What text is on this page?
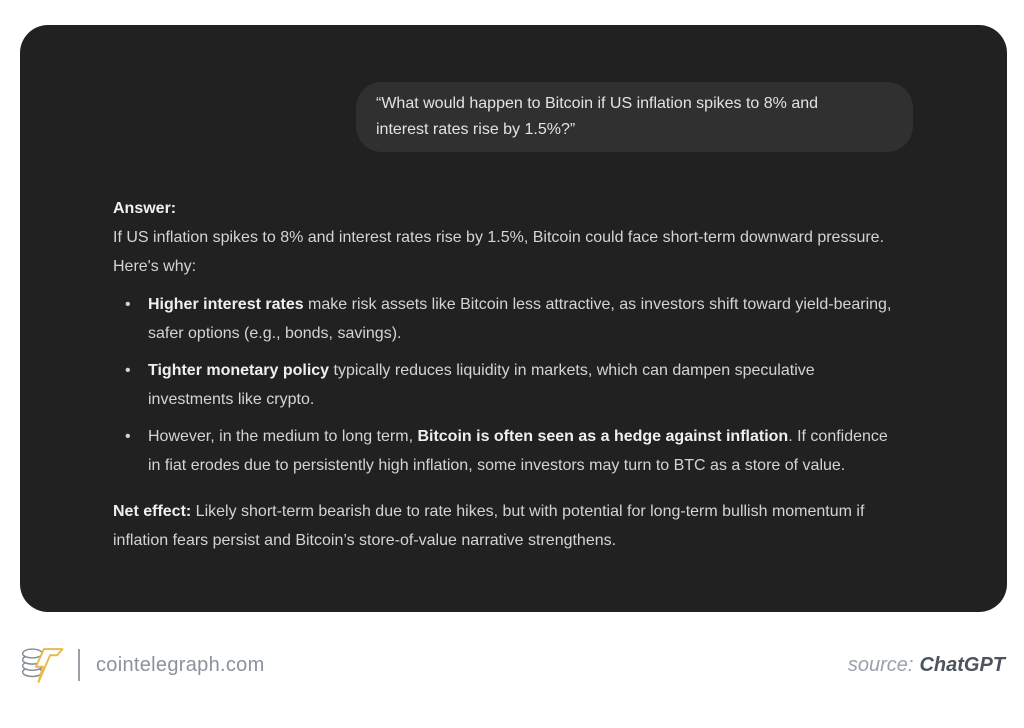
“What would happen to Bitcoin if US inflation spikes to 8% and
interest rates rise by 1.5%?”
Answer:
If US inflation spikes to 8% and interest rates rise by 1.5%, Bitcoin could face short-term downward pressure.
Here's why:
• Higher interest rates make risk assets like Bitcoin less attractive, as investors shift toward yield-bearing,
safer options (e.g., bonds, savings).
• Tighter monetary policy typically reduces liquidity in markets, which can dampen speculative
investments like crypto.
• However, in the medium to long term, Bitcoin is often seen as a hedge against inflation. If confidence
in fiat erodes due to persistently high inflation, some investors may turn to BTC as a store of value.

Net effect: Likely short-term bearish due to rate hikes, but with potential for long-term bullish momentum if
inflation fears persist and Bitcoin’s store-of-value narrative strengthens.

cointelegraph.com	source: ChatGPT
